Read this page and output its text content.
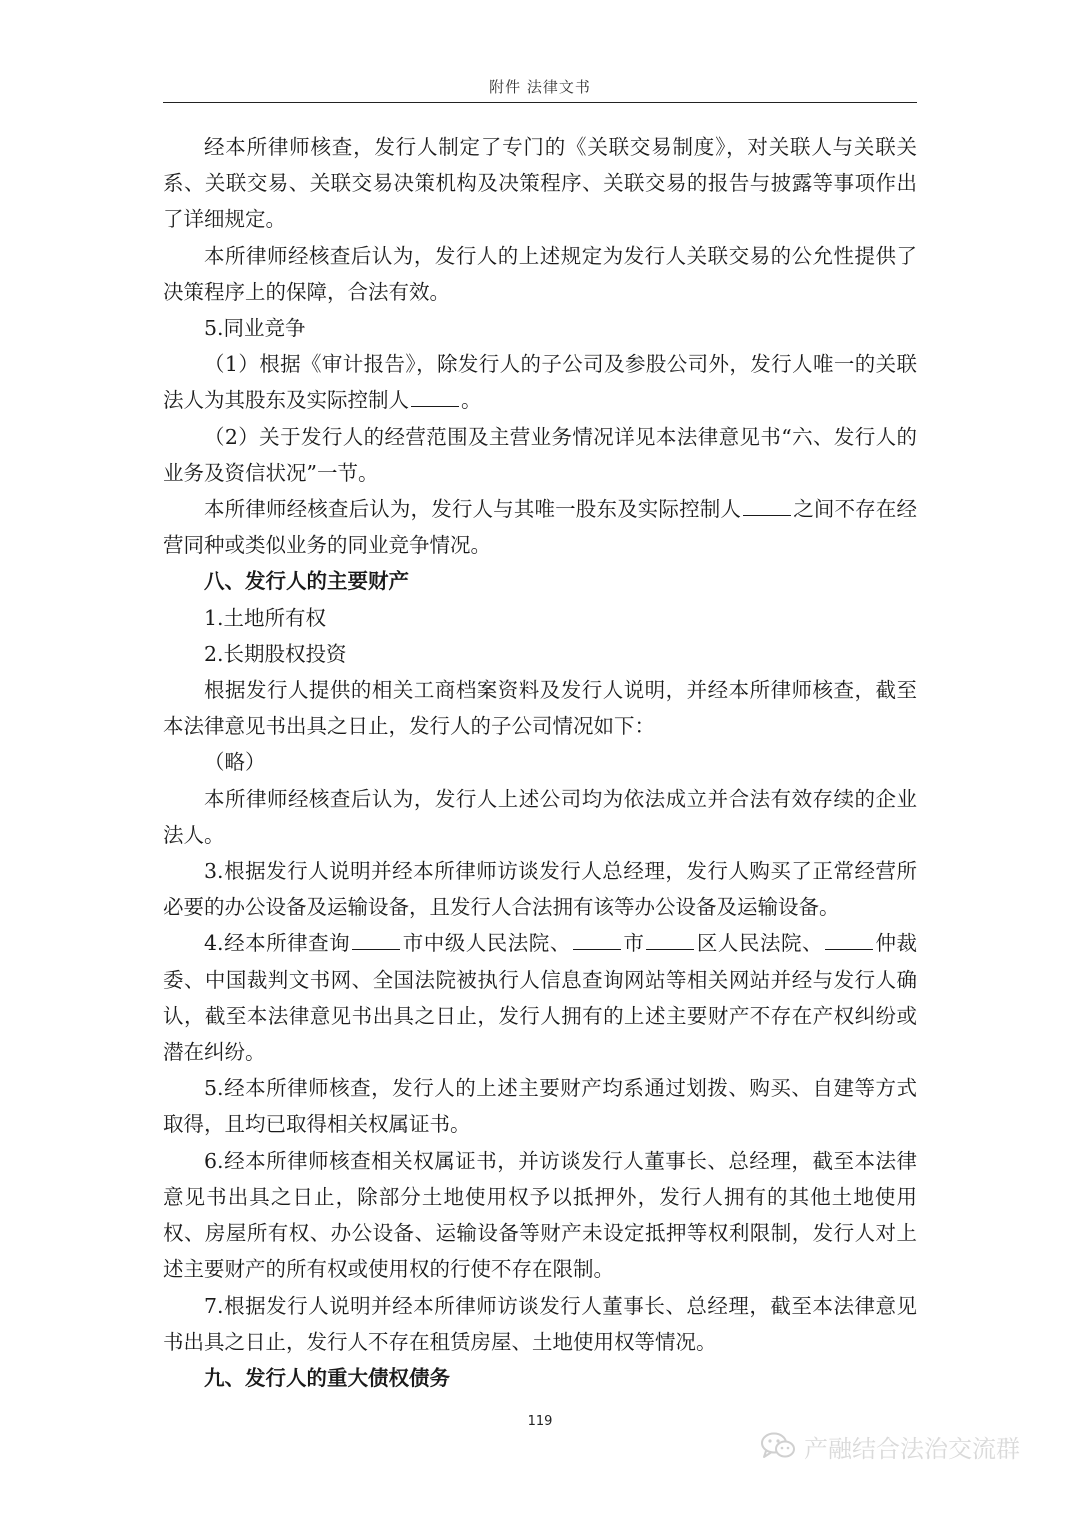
附件 法律文书

经本所律师核查，发行人制定了专门的《关联交易制度》，对关联人与关联关系、关联交易、关联交易决策机构及决策程序、关联交易的报告与披露等事项作出了详细规定。

本所律师经核查后认为，发行人的上述规定为发行人关联交易的公允性提供了决策程序上的保障，合法有效。

5.同业竞争

（1）根据《审计报告》，除发行人的子公司及参股公司外，发行人唯一的关联法人为其股东及实际控制人	。

（2）关于发行人的经营范围及主营业务情况详见本法律意见书“六、发行人的业务及资信状况”一节。

本所律师经核查后认为，发行人与其唯一股东及实际控制人	之间不存在经营同种或类似业务的同业竞争情况。

八、发行人的主要财产

1.土地所有权

2.长期股权投资

根据发行人提供的相关工商档案资料及发行人说明，并经本所律师核查，截至本法律意见书出具之日止，发行人的子公司情况如下：

（略）

本所律师经核查后认为，发行人上述公司均为依法成立并合法有效存续的企业法人。

3.根据发行人说明并经本所律师访谈发行人总经理，发行人购买了正常经营所必要的办公设备及运输设备，且发行人合法拥有该等办公设备及运输设备。

4.经本所律查询	市中级人民法院、	市	区人民法院、	仲裁委、中国裁判文书网、全国法院被执行人信息查询网站等相关网站并经与发行人确认，截至本法律意见书出具之日止，发行人拥有的上述主要财产不存在产权纠纷或潜在纠纷。

5.经本所律师核查，发行人的上述主要财产均系通过划拨、购买、自建等方式取得，且均已取得相关权属证书。

6.经本所律师核查相关权属证书，并访谈发行人董事长、总经理，截至本法律意见书出具之日止，除部分土地使用权予以抵押外，发行人拥有的其他土地使用权、房屋所有权、办公设备、运输设备等财产未设定抵押等权利限制，发行人对上述主要财产的所有权或使用权的行使不存在限制。

7.根据发行人说明并经本所律师访谈发行人董事长、总经理，截至本法律意见书出具之日止，发行人不存在租赁房屋、土地使用权等情况。

九、发行人的重大债权债务

119
产融结合法治交流群
